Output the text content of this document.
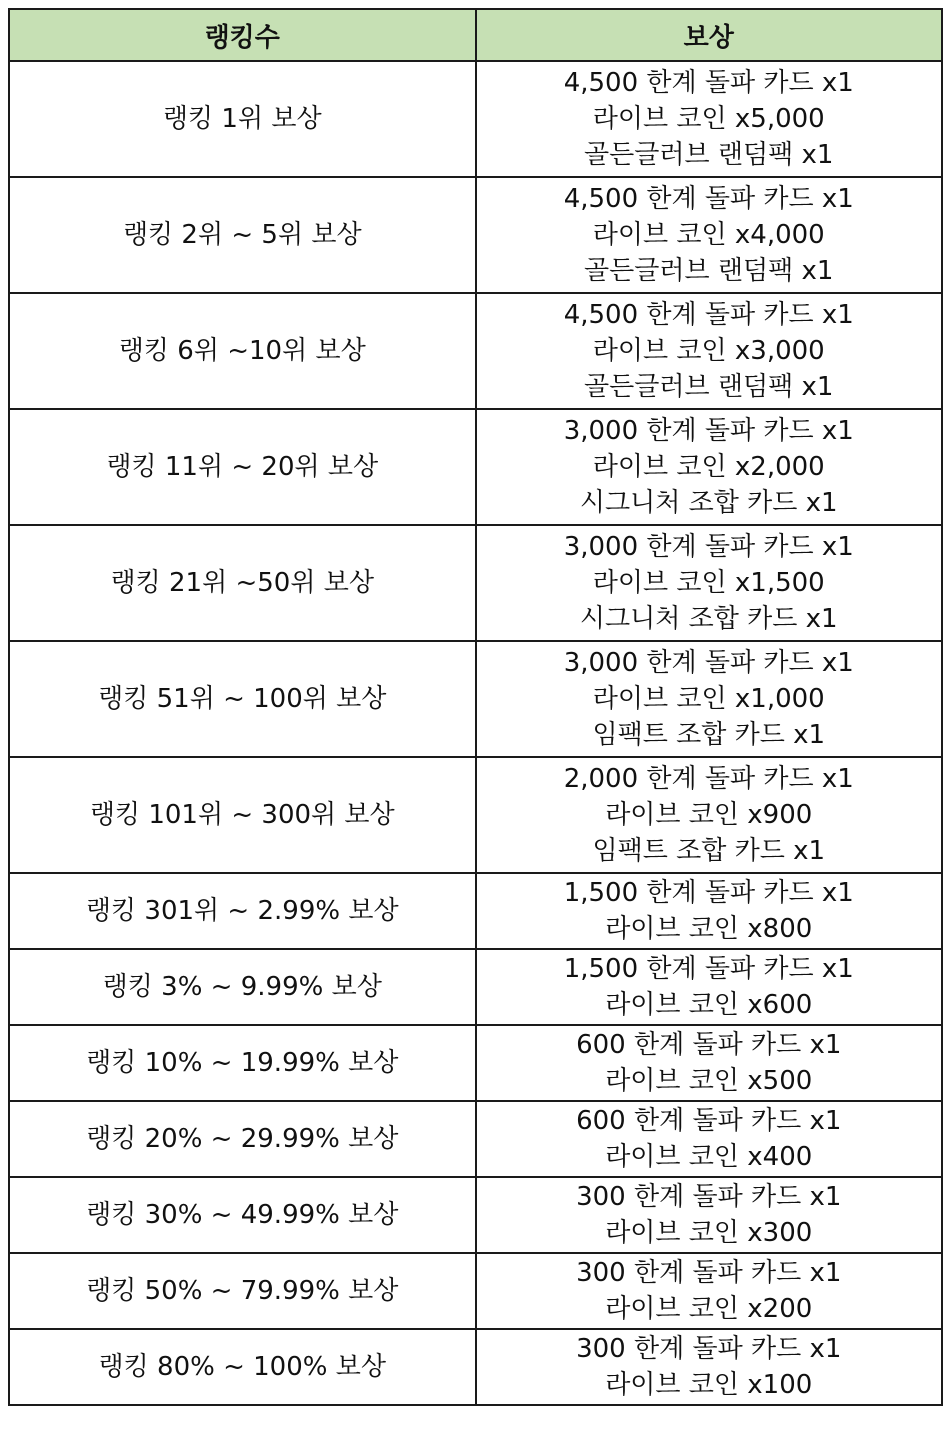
랭킹수	보상
랭킹 1위 보상	4,500 한계 돌파 카드 x1
라이브 코인 x5,000
골든글러브 랜덤팩 x1

랭킹 2위 ~ 5위 보상	4,500 한계 돌파 카드 x1
라이브 코인 x4,000
골든글러브 랜덤팩 x1

랭킹 6위 ~10위 보상	4,500 한계 돌파 카드 x1
라이브 코인 x3,000
골든글러브 랜덤팩 x1

랭킹 11위 ~ 20위 보상	3,000 한계 돌파 카드 x1
라이브 코인 x2,000
시그니처 조합 카드 x1

랭킹 21위 ~50위 보상	3,000 한계 돌파 카드 x1
라이브 코인 x1,500
시그니처 조합 카드 x1

랭킹 51위 ~ 100위 보상	3,000 한계 돌파 카드 x1
라이브 코인 x1,000
임팩트 조합 카드 x1

랭킹 101위 ~ 300위 보상	2,000 한계 돌파 카드 x1
라이브 코인 x900
임팩트 조합 카드 x1

랭킹 301위 ~ 2.99% 보상	1,500 한계 돌파 카드 x1
라이브 코인 x800

랭킹 3% ~ 9.99% 보상	1,500 한계 돌파 카드 x1
라이브 코인 x600

랭킹 10% ~ 19.99% 보상	600 한계 돌파 카드 x1
라이브 코인 x500

랭킹 20% ~ 29.99% 보상	600 한계 돌파 카드 x1
라이브 코인 x400

랭킹 30% ~ 49.99% 보상	300 한계 돌파 카드 x1
라이브 코인 x300

랭킹 50% ~ 79.99% 보상	300 한계 돌파 카드 x1
라이브 코인 x200

랭킹 80% ~ 100% 보상	300 한계 돌파 카드 x1
라이브 코인 x100
